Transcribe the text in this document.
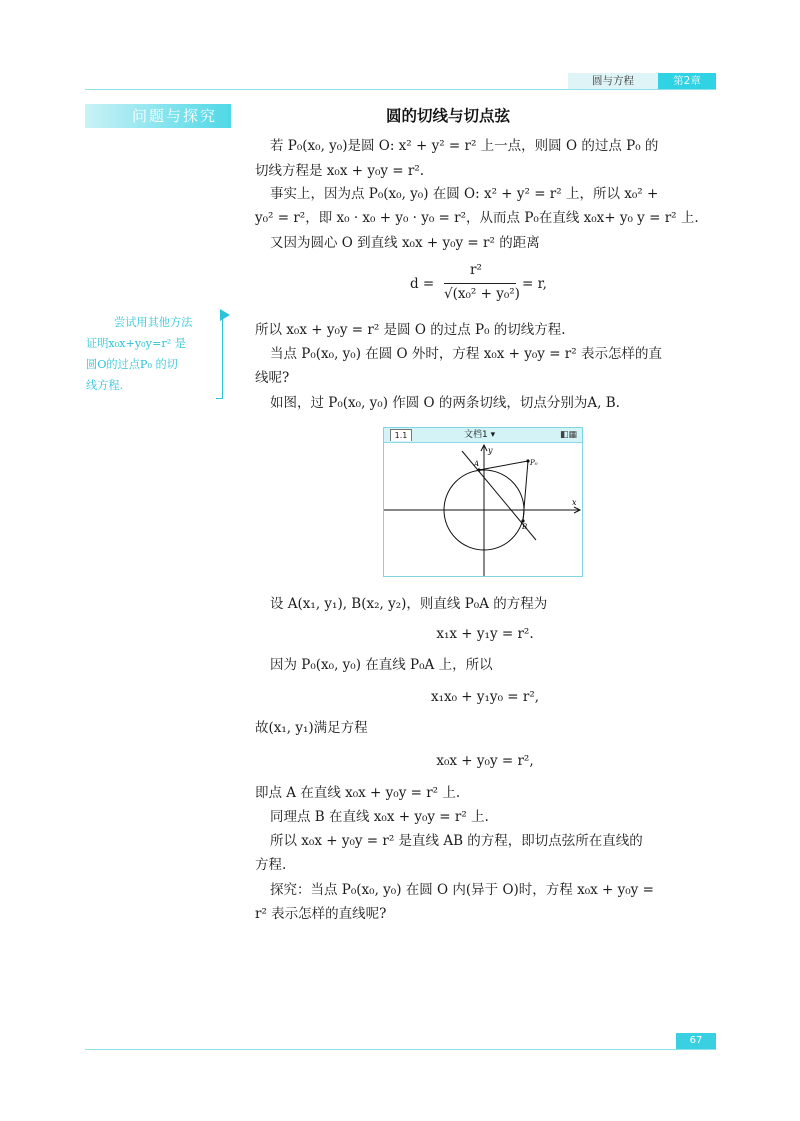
圆与方程	第2章
问题与探究	圆的切线与切点弦
尝试用其他方法
证明x₀x+y₀y=r² 是
圆O的过点P₀ 的切
线方程.
若 P₀(x₀, y₀)是圆 O: x² + y² = r² 上一点，则圆 O 的过点 P₀ 的
切线方程是 x₀x + y₀y = r².
事实上，因为点 P₀(x₀, y₀) 在圆 O: x² + y² = r² 上，所以 x₀² +
y₀² = r²，即 x₀ · x₀ + y₀ · y₀ = r²，从而点 P₀在直线 x₀x+ y₀ y = r² 上.
又因为圆心 O 到直线 x₀x + y₀y = r² 的距离
d =
r²
√(x₀² + y₀²)
= r,
所以 x₀x + y₀y = r² 是圆 O 的过点 P₀ 的切线方程.
当点 P₀(x₀, y₀) 在圆 O 外时，方程 x₀x + y₀y = r² 表示怎样的直
线呢?
如图，过 P₀(x₀, y₀) 作圆 O 的两条切线，切点分别为A, B.
1.1	文档1 ▾	◧▦
y
x
A
B
P₀
设 A(x₁, y₁), B(x₂, y₂)，则直线 P₀A 的方程为
x₁x + y₁y = r².
因为 P₀(x₀, y₀) 在直线 P₀A 上，所以
x₁x₀ + y₁y₀ = r²,
故(x₁, y₁)满足方程
x₀x + y₀y = r²,
即点 A 在直线 x₀x + y₀y = r² 上.
同理点 B 在直线 x₀x + y₀y = r² 上.
所以 x₀x + y₀y = r² 是直线 AB 的方程，即切点弦所在直线的
方程.
探究：当点 P₀(x₀, y₀) 在圆 O 内(异于 O)时，方程 x₀x + y₀y =
r² 表示怎样的直线呢?
67
